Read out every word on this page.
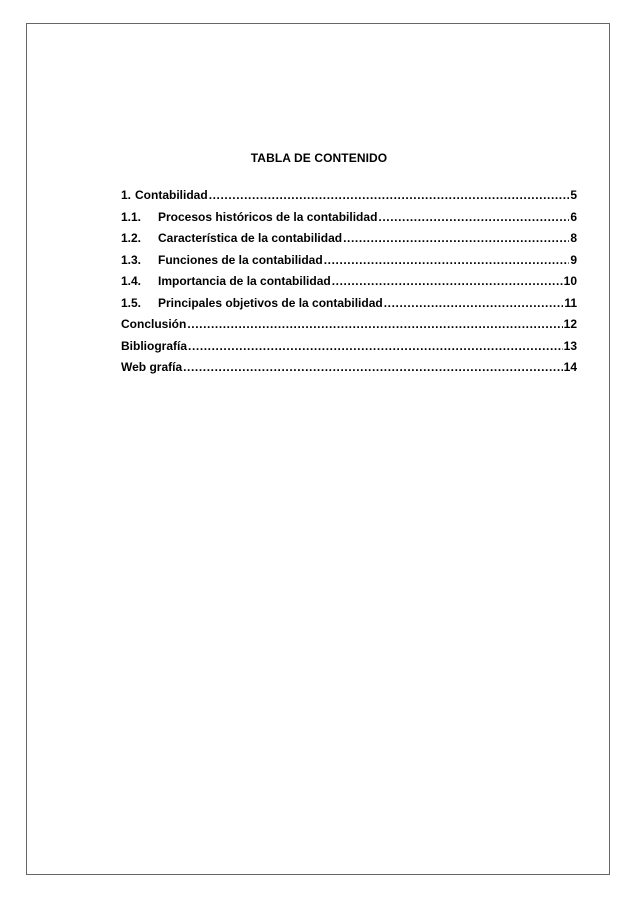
TABLA DE CONTENIDO
1. Contabilidad .....	5
1.1.	Procesos históricos de la contabilidad .....	6
1.2.	Característica de la contabilidad .....	8
1.3.	Funciones de la contabilidad .....	9
1.4.	Importancia de la contabilidad .....	10
1.5.	Principales objetivos de la contabilidad .....	11
Conclusión .....	12
Bibliografía .....	13
Web grafía .....	14
